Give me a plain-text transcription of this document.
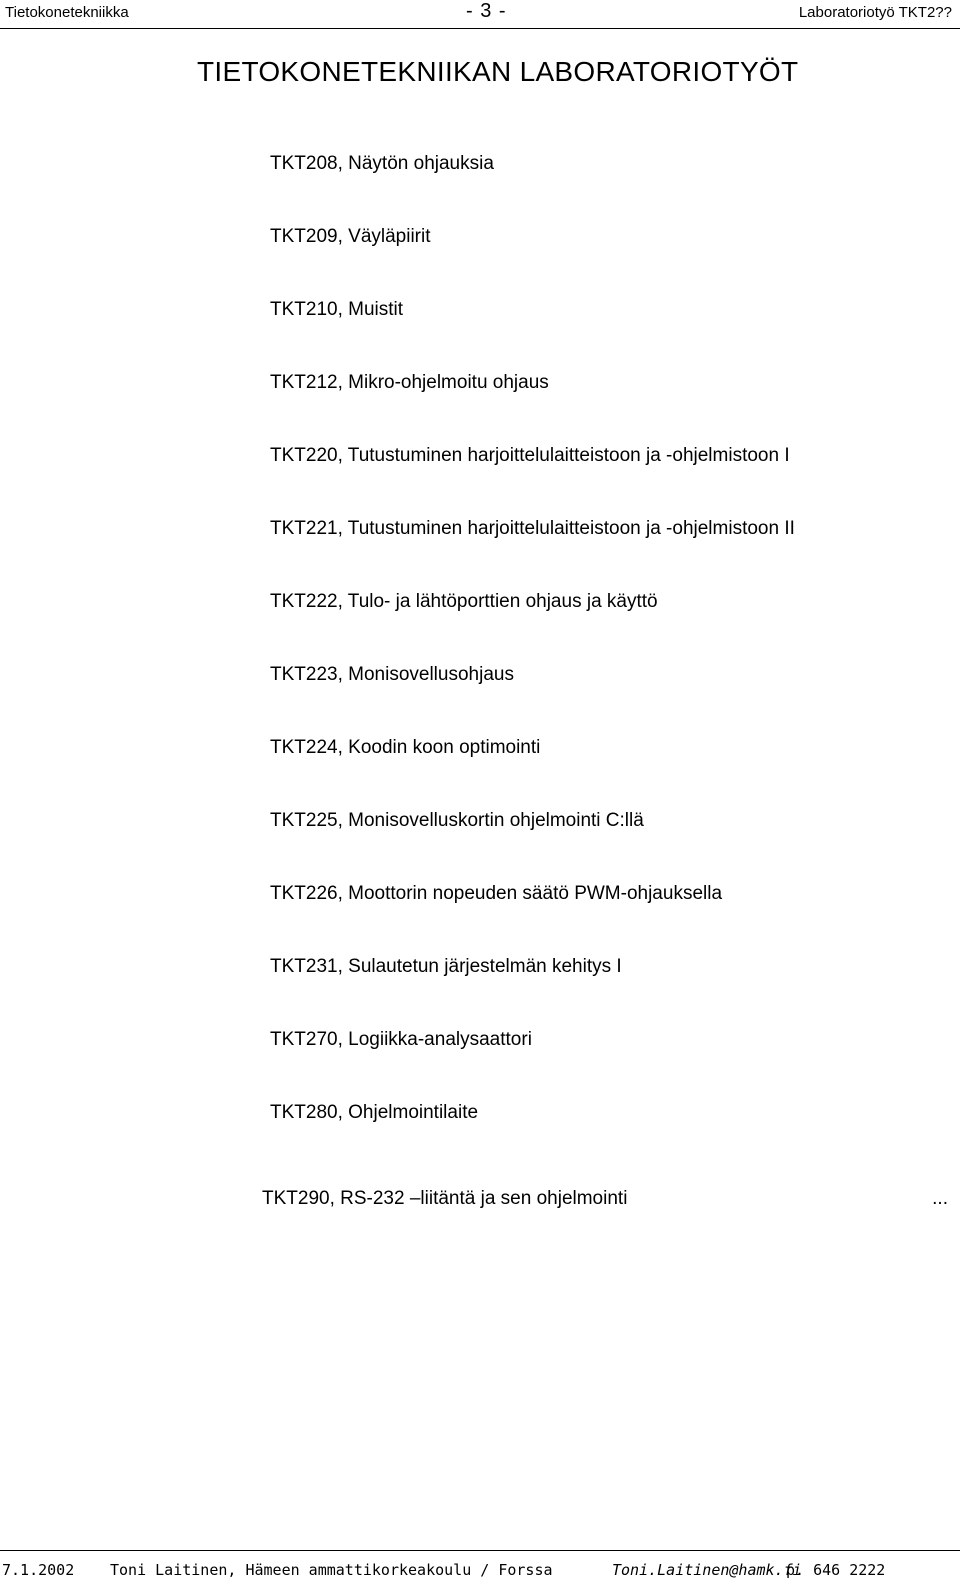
Tietokonetekniikka	- 3 -	Laboratoriotyö TKT2??
TIETOKONETEKNIIKAN LABORATORIOTYÖT
TKT208, Näytön ohjauksia
TKT209, Väyläpiirit
TKT210, Muistit
TKT212, Mikro-ohjelmoitu ohjaus
TKT220, Tutustuminen harjoittelulaitteistoon ja -ohjelmistoon I
TKT221, Tutustuminen harjoittelulaitteistoon ja -ohjelmistoon II
TKT222, Tulo- ja lähtöporttien ohjaus ja käyttö
TKT223, Monisovellusohjaus
TKT224, Koodin koon optimointi
TKT225, Monisovelluskortin ohjelmointi C:llä
TKT226, Moottorin nopeuden säätö PWM-ohjauksella
TKT231, Sulautetun järjestelmän kehitys I
TKT270, Logiikka-analysaattori
TKT280, Ohjelmointilaite
TKT290, RS-232 –liitäntä ja sen ohjelmointi	...
7.1.2002 Toni Laitinen, Hämeen ammattikorkeakoulu / Forssa	Toni.Laitinen@hamk.fi
p. 646 2222
